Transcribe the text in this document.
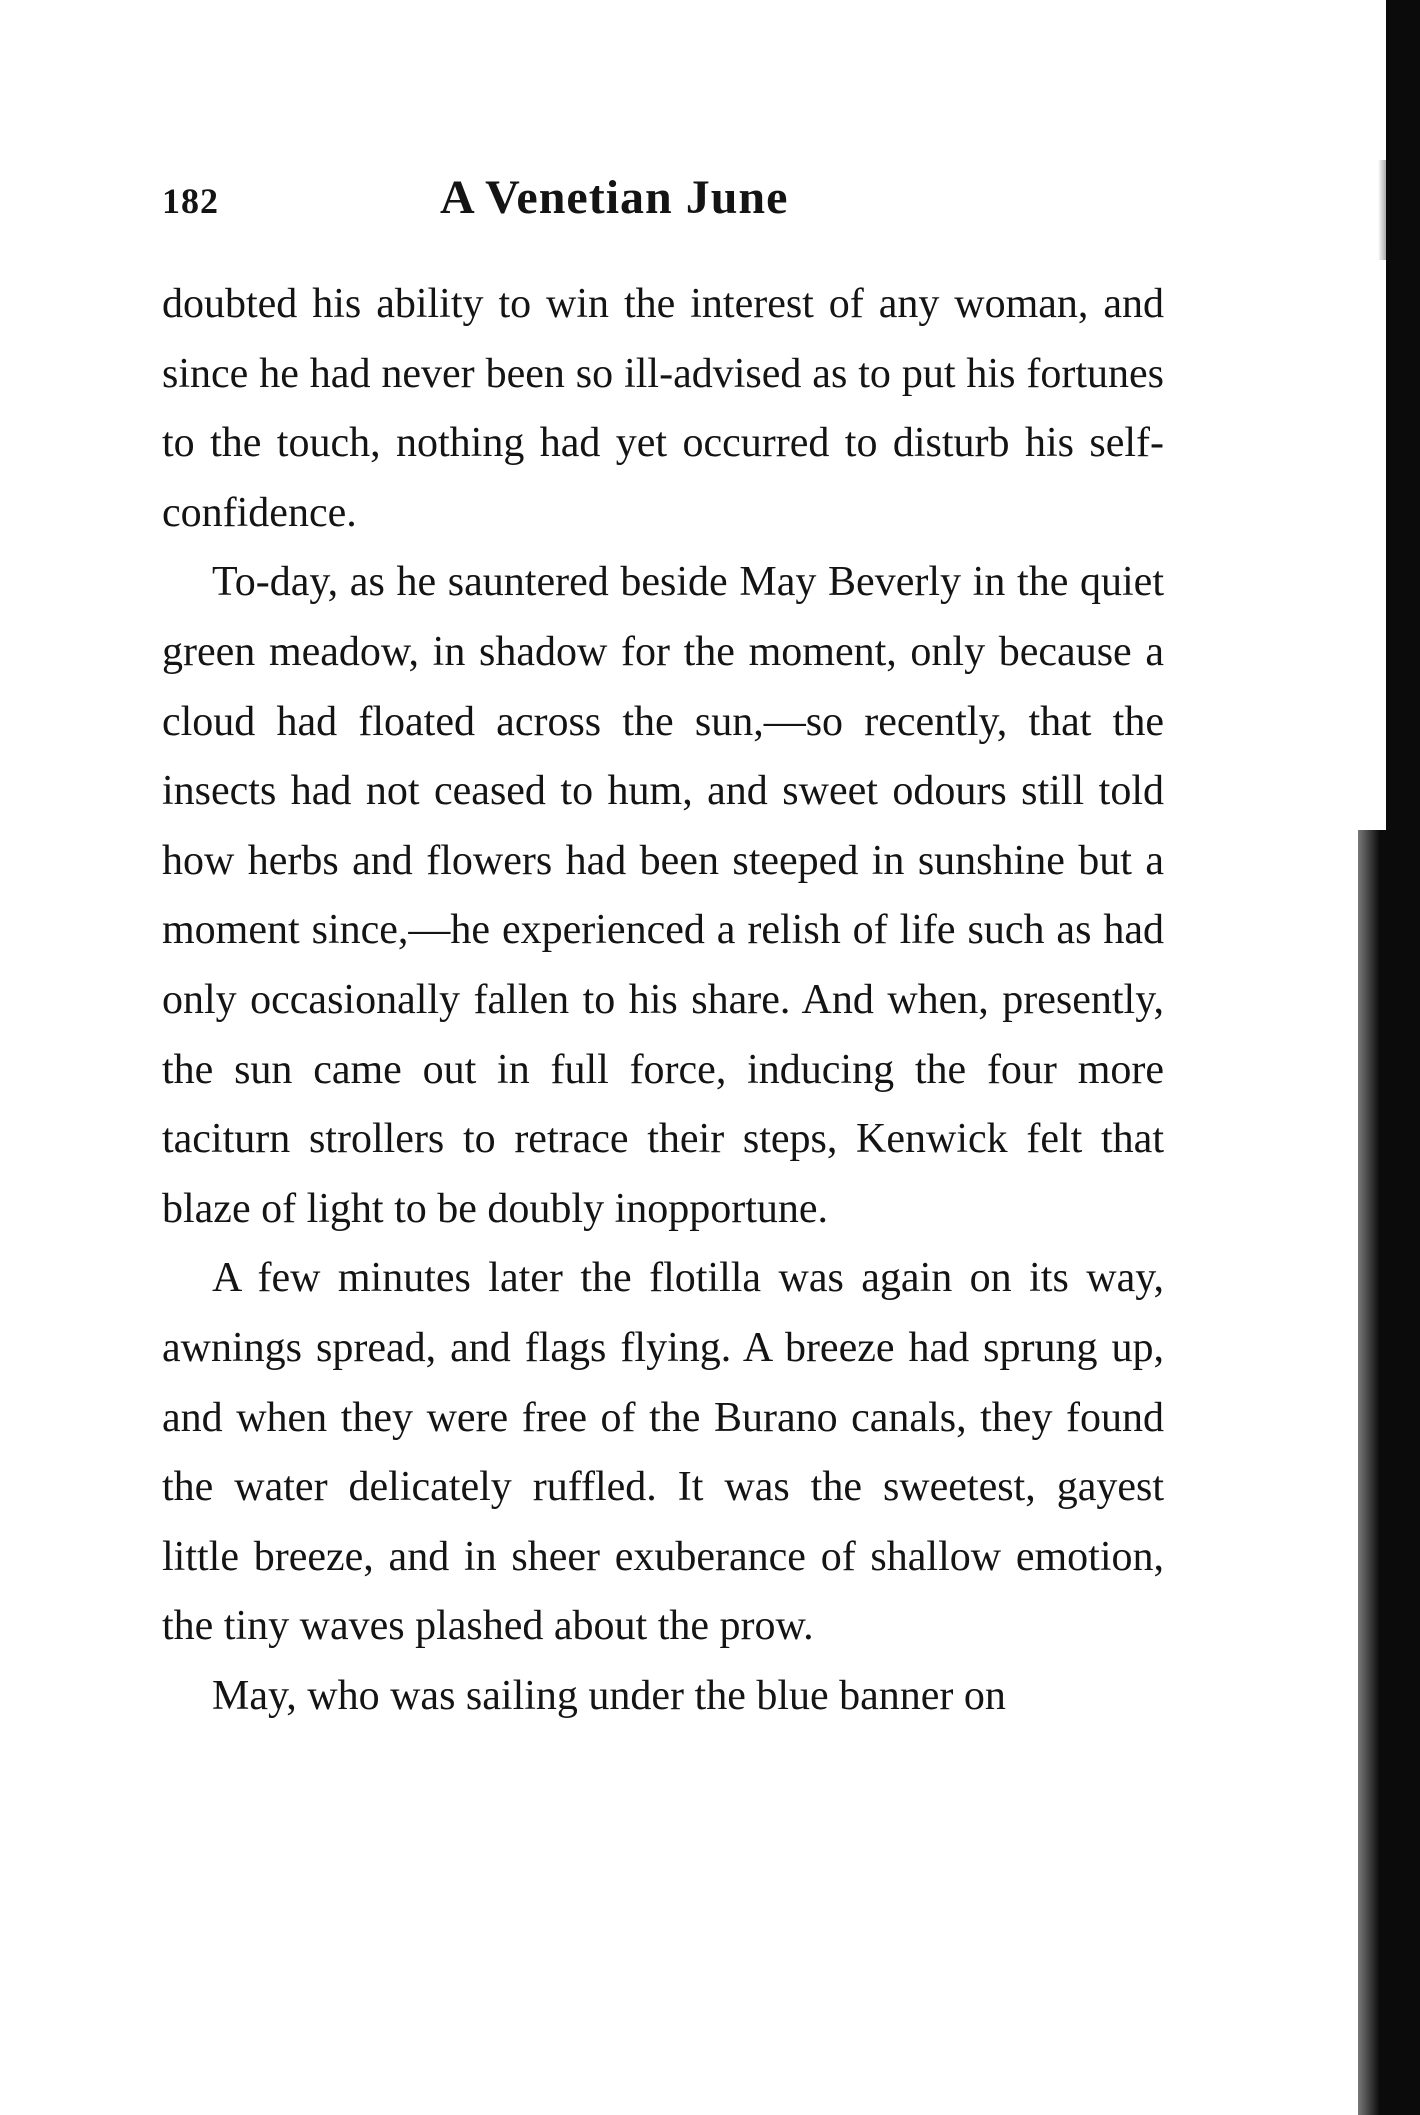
182	A Venetian June

doubted his ability to win the interest of any woman, and since he had never been so ill-advised as to put his fortunes to the touch, nothing had yet occurred to disturb his self-confidence.

To-day, as he sauntered beside May Beverly in the quiet green meadow, in shadow for the moment, only because a cloud had floated across the sun,—so recently, that the insects had not ceased to hum, and sweet odours still told how herbs and flowers had been steeped in sunshine but a moment since,—he experienced a relish of life such as had only occasionally fallen to his share. And when, presently, the sun came out in full force, inducing the four more taciturn strollers to retrace their steps, Kenwick felt that blaze of light to be doubly inopportune.

A few minutes later the flotilla was again on its way, awnings spread, and flags flying. A breeze had sprung up, and when they were free of the Burano canals, they found the water delicately ruffled. It was the sweetest, gayest little breeze, and in sheer exuberance of shallow emotion, the tiny waves plashed about the prow.

May, who was sailing under the blue banner on
